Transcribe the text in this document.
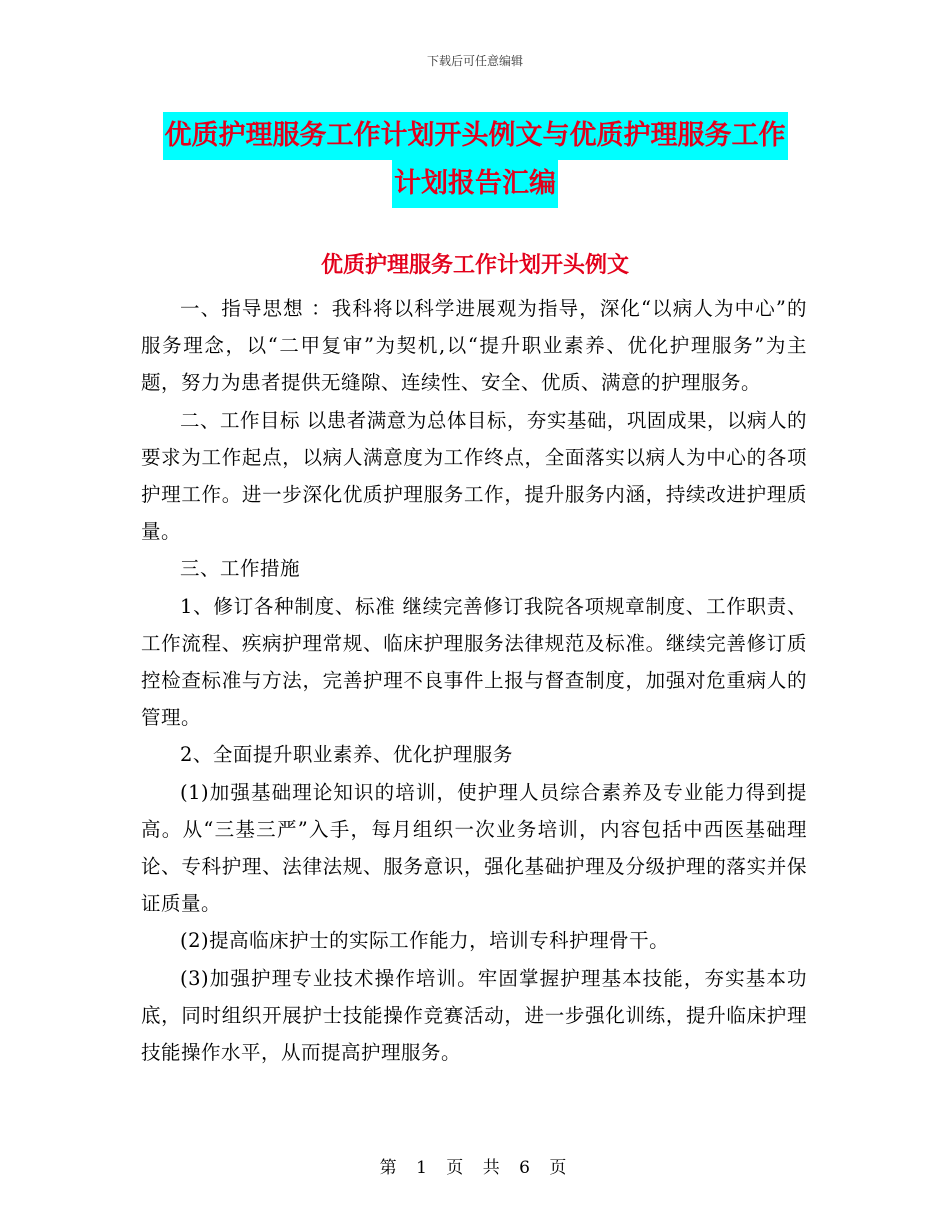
下载后可任意编辑
优质护理服务工作计划开头例文与优质护理服务工作
计划报告汇编
优质护理服务工作计划开头例文

一、指导思想 ：我科将以科学进展观为指导，深化“以病人为中心”的服务理念，以“二甲复审”为契机,以“提升职业素养、优化护理服务”为主题，努力为患者提供无缝隙、连续性、安全、优质、满意的护理服务。

二、工作目标 以患者满意为总体目标，夯实基础，巩固成果，以病人的要求为工作起点，以病人满意度为工作终点，全面落实以病人为中心的各项护理工作。进一步深化优质护理服务工作，提升服务内涵，持续改进护理质量。

三、工作措施

1、修订各种制度、标准 继续完善修订我院各项规章制度、工作职责、工作流程、疾病护理常规、临床护理服务法律规范及标准。继续完善修订质控检查标准与方法，完善护理不良事件上报与督查制度，加强对危重病人的管理。

2、全面提升职业素养、优化护理服务

(1)加强基础理论知识的培训，使护理人员综合素养及专业能力得到提高。从“三基三严”入手，每月组织一次业务培训，内容包括中西医基础理论、专科护理、法律法规、服务意识，强化基础护理及分级护理的落实并保证质量。

(2)提高临床护士的实际工作能力，培训专科护理骨干。

(3)加强护理专业技术操作培训。牢固掌握护理基本技能，夯实基本功底，同时组织开展护士技能操作竞赛活动，进一步强化训练，提升临床护理技能操作水平，从而提高护理服务。

第 1 页 共 6 页
